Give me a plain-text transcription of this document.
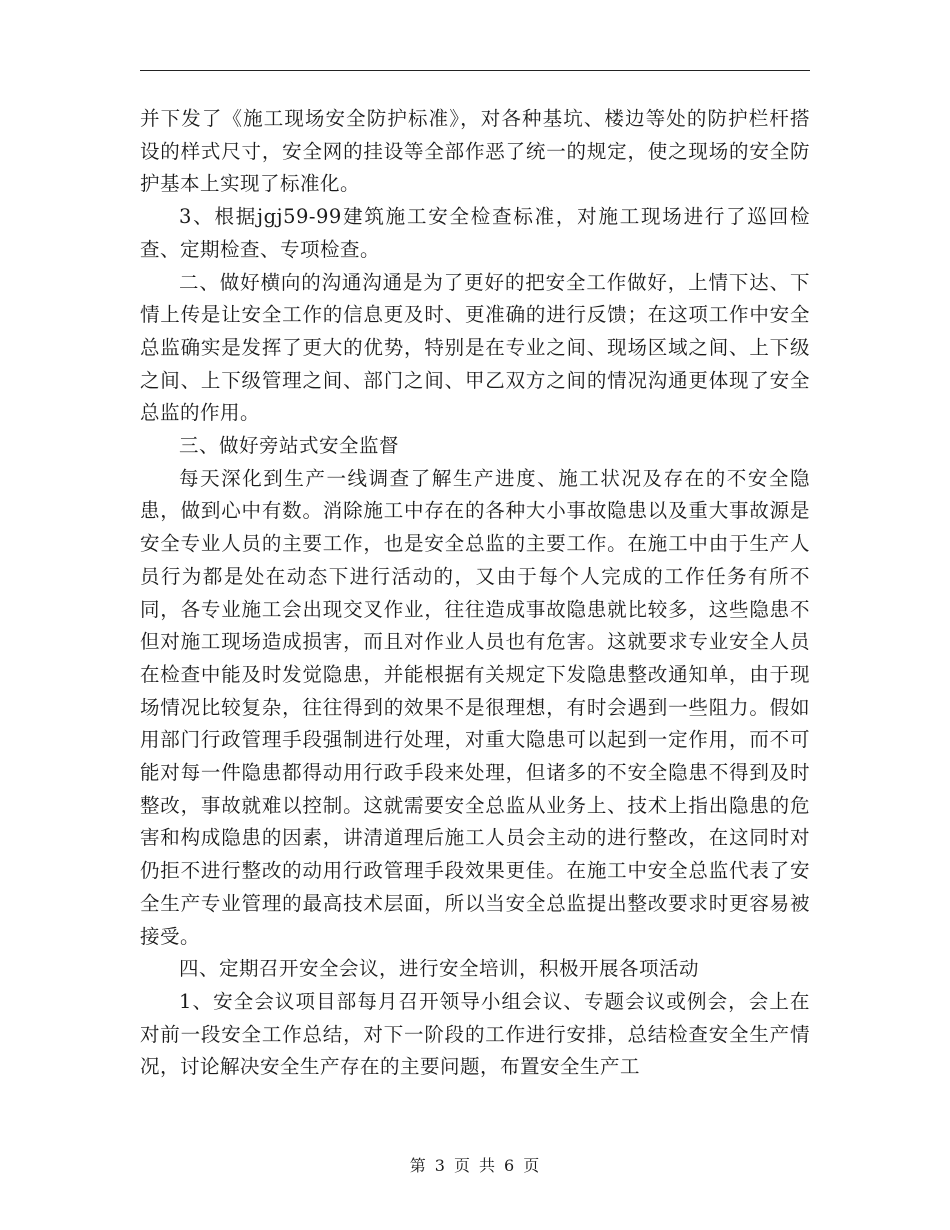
并下发了《施工现场安全防护标准》，对各种基坑、楼边等处的防护栏杆搭设的样式尺寸，安全网的挂设等全部作恶了统一的规定，使之现场的安全防护基本上实现了标准化。

3、根据jgj59-99建筑施工安全检查标准，对施工现场进行了巡回检查、定期检查、专项检查。

二、做好横向的沟通沟通是为了更好的把安全工作做好，上情下达、下情上传是让安全工作的信息更及时、更准确的进行反馈；在这项工作中安全总监确实是发挥了更大的优势，特别是在专业之间、现场区域之间、上下级之间、上下级管理之间、部门之间、甲乙双方之间的情况沟通更体现了安全总监的作用。

三、做好旁站式安全监督

每天深化到生产一线调查了解生产进度、施工状况及存在的不安全隐患，做到心中有数。消除施工中存在的各种大小事故隐患以及重大事故源是安全专业人员的主要工作，也是安全总监的主要工作。在施工中由于生产人员行为都是处在动态下进行活动的，又由于每个人完成的工作任务有所不同，各专业施工会出现交叉作业，往往造成事故隐患就比较多，这些隐患不但对施工现场造成损害，而且对作业人员也有危害。这就要求专业安全人员在检查中能及时发觉隐患，并能根据有关规定下发隐患整改通知单，由于现场情况比较复杂，往往得到的效果不是很理想，有时会遇到一些阻力。假如用部门行政管理手段强制进行处理，对重大隐患可以起到一定作用，而不可能对每一件隐患都得动用行政手段来处理，但诸多的不安全隐患不得到及时整改，事故就难以控制。这就需要安全总监从业务上、技术上指出隐患的危害和构成隐患的因素，讲清道理后施工人员会主动的进行整改，在这同时对仍拒不进行整改的动用行政管理手段效果更佳。在施工中安全总监代表了安全生产专业管理的最高技术层面，所以当安全总监提出整改要求时更容易被接受。

四、定期召开安全会议，进行安全培训，积极开展各项活动

1、安全会议项目部每月召开领导小组会议、专题会议或例会，会上在对前一段安全工作总结，对下一阶段的工作进行安排，总结检查安全生产情况，讨论解决安全生产存在的主要问题，布置安全生产工

第 3 页 共 6 页
